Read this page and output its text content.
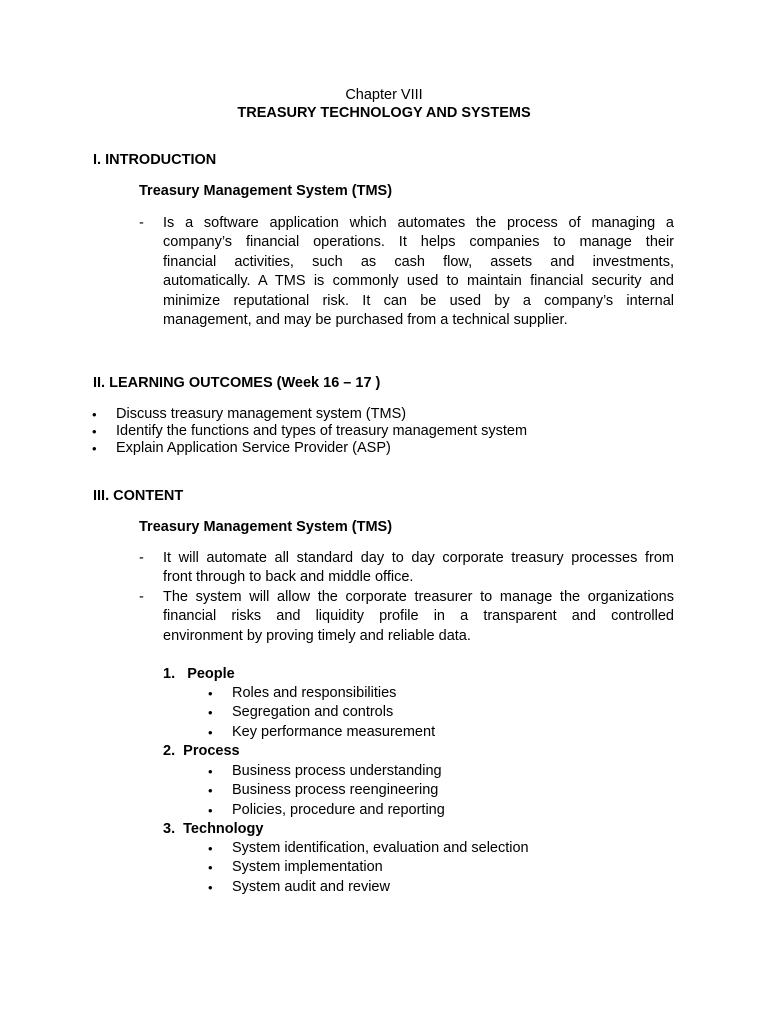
Chapter VIII
TREASURY TECHNOLOGY AND SYSTEMS
I. INTRODUCTION
Treasury Management System (TMS)
- Is a software application which automates the process of managing a
company’s financial operations. It helps companies to manage their
financial activities, such as cash flow, assets and investments,
automatically. A TMS is commonly used to maintain financial security and
minimize reputational risk. It can be used by a company’s internal
management, and may be purchased from a technical supplier.
II. LEARNING OUTCOMES (Week 16 – 17 )
• Discuss treasury management system (TMS)
• Identify the functions and types of treasury management system
• Explain Application Service Provider (ASP)
III. CONTENT
Treasury Management System (TMS)
- It will automate all standard day to day corporate treasury processes from
front through to back and middle office.
- The system will allow the corporate treasurer to manage the organizations
financial risks and liquidity profile in a transparent and controlled
environment by proving timely and reliable data.
1. People
• Roles and responsibilities
• Segregation and controls
• Key performance measurement
2. Process
• Business process understanding
• Business process reengineering
• Policies, procedure and reporting
3. Technology
• System identification, evaluation and selection
• System implementation
• System audit and review
